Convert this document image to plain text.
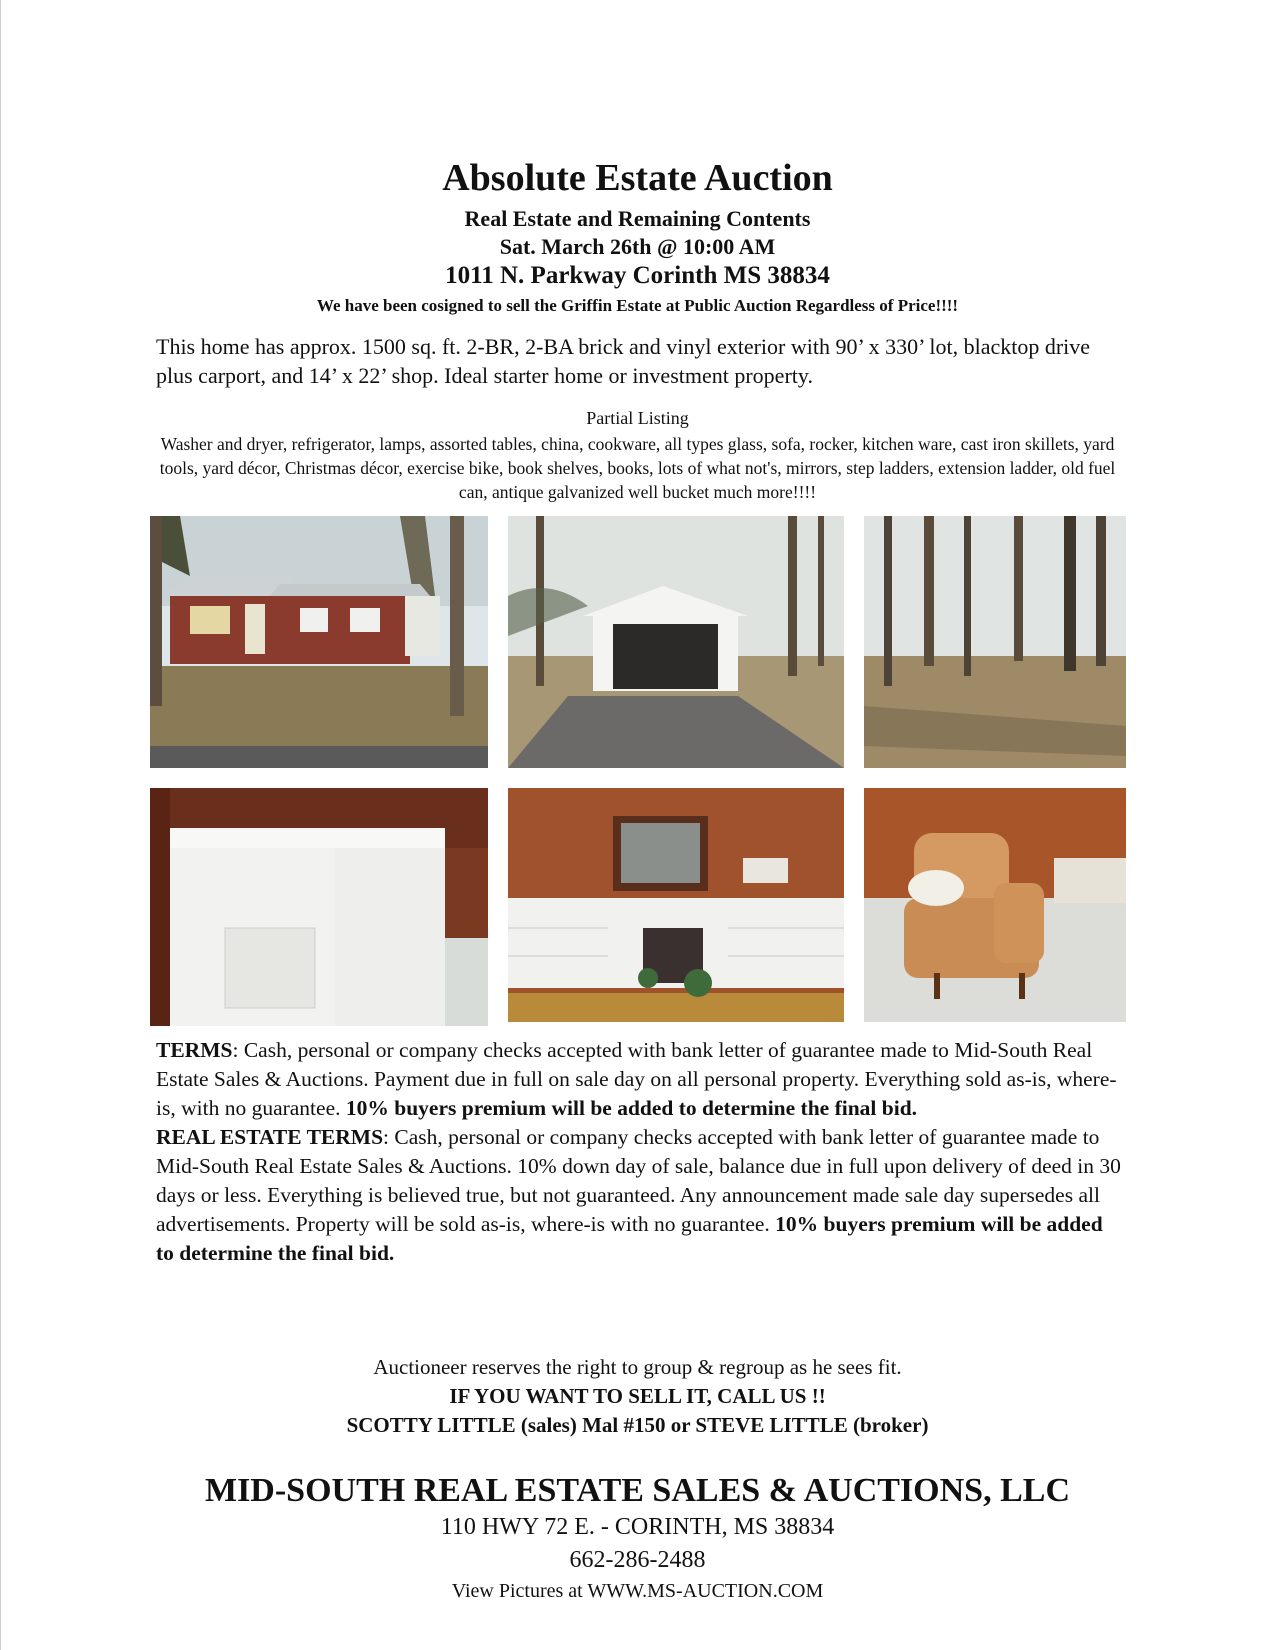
Absolute Estate Auction
Real Estate and Remaining Contents
Sat. March 26th @ 10:00 AM
1011 N. Parkway Corinth MS 38834
We have been cosigned to sell the Griffin Estate at Public Auction Regardless of Price!!!!
This home has approx. 1500 sq. ft. 2-BR, 2-BA brick and vinyl exterior with 90’ x 330’ lot, blacktop drive plus carport, and 14’ x 22’ shop. Ideal starter home or investment property.
Partial Listing
Washer and dryer, refrigerator, lamps, assorted tables, china, cookware, all types glass, sofa, rocker, kitchen ware, cast iron skillets, yard tools, yard décor, Christmas décor, exercise bike, book shelves, books, lots of what not's, mirrors, step ladders, extension ladder, old fuel can, antique galvanized well bucket much more!!!!
TERMS: Cash, personal or company checks accepted with bank letter of guarantee made to Mid-South Real Estate Sales & Auctions. Payment due in full on sale day on all personal property. Everything sold as-is, where-is, with no guarantee. 10% buyers premium will be added to determine the final bid.
REAL ESTATE TERMS: Cash, personal or company checks accepted with bank letter of guarantee made to Mid-South Real Estate Sales & Auctions. 10% down day of sale, balance due in full upon delivery of deed in 30 days or less. Everything is believed true, but not guaranteed. Any announcement made sale day supersedes all advertisements. Property will be sold as-is, where-is with no guarantee. 10% buyers premium will be added to determine the final bid.
Auctioneer reserves the right to group & regroup as he sees fit.
IF YOU WANT TO SELL IT, CALL US !!
SCOTTY LITTLE (sales) Mal #150 or STEVE LITTLE (broker)
MID-SOUTH REAL ESTATE SALES & AUCTIONS, LLC
110 HWY 72 E. - CORINTH, MS 38834
662-286-2488
View Pictures at WWW.MS-AUCTION.COM
